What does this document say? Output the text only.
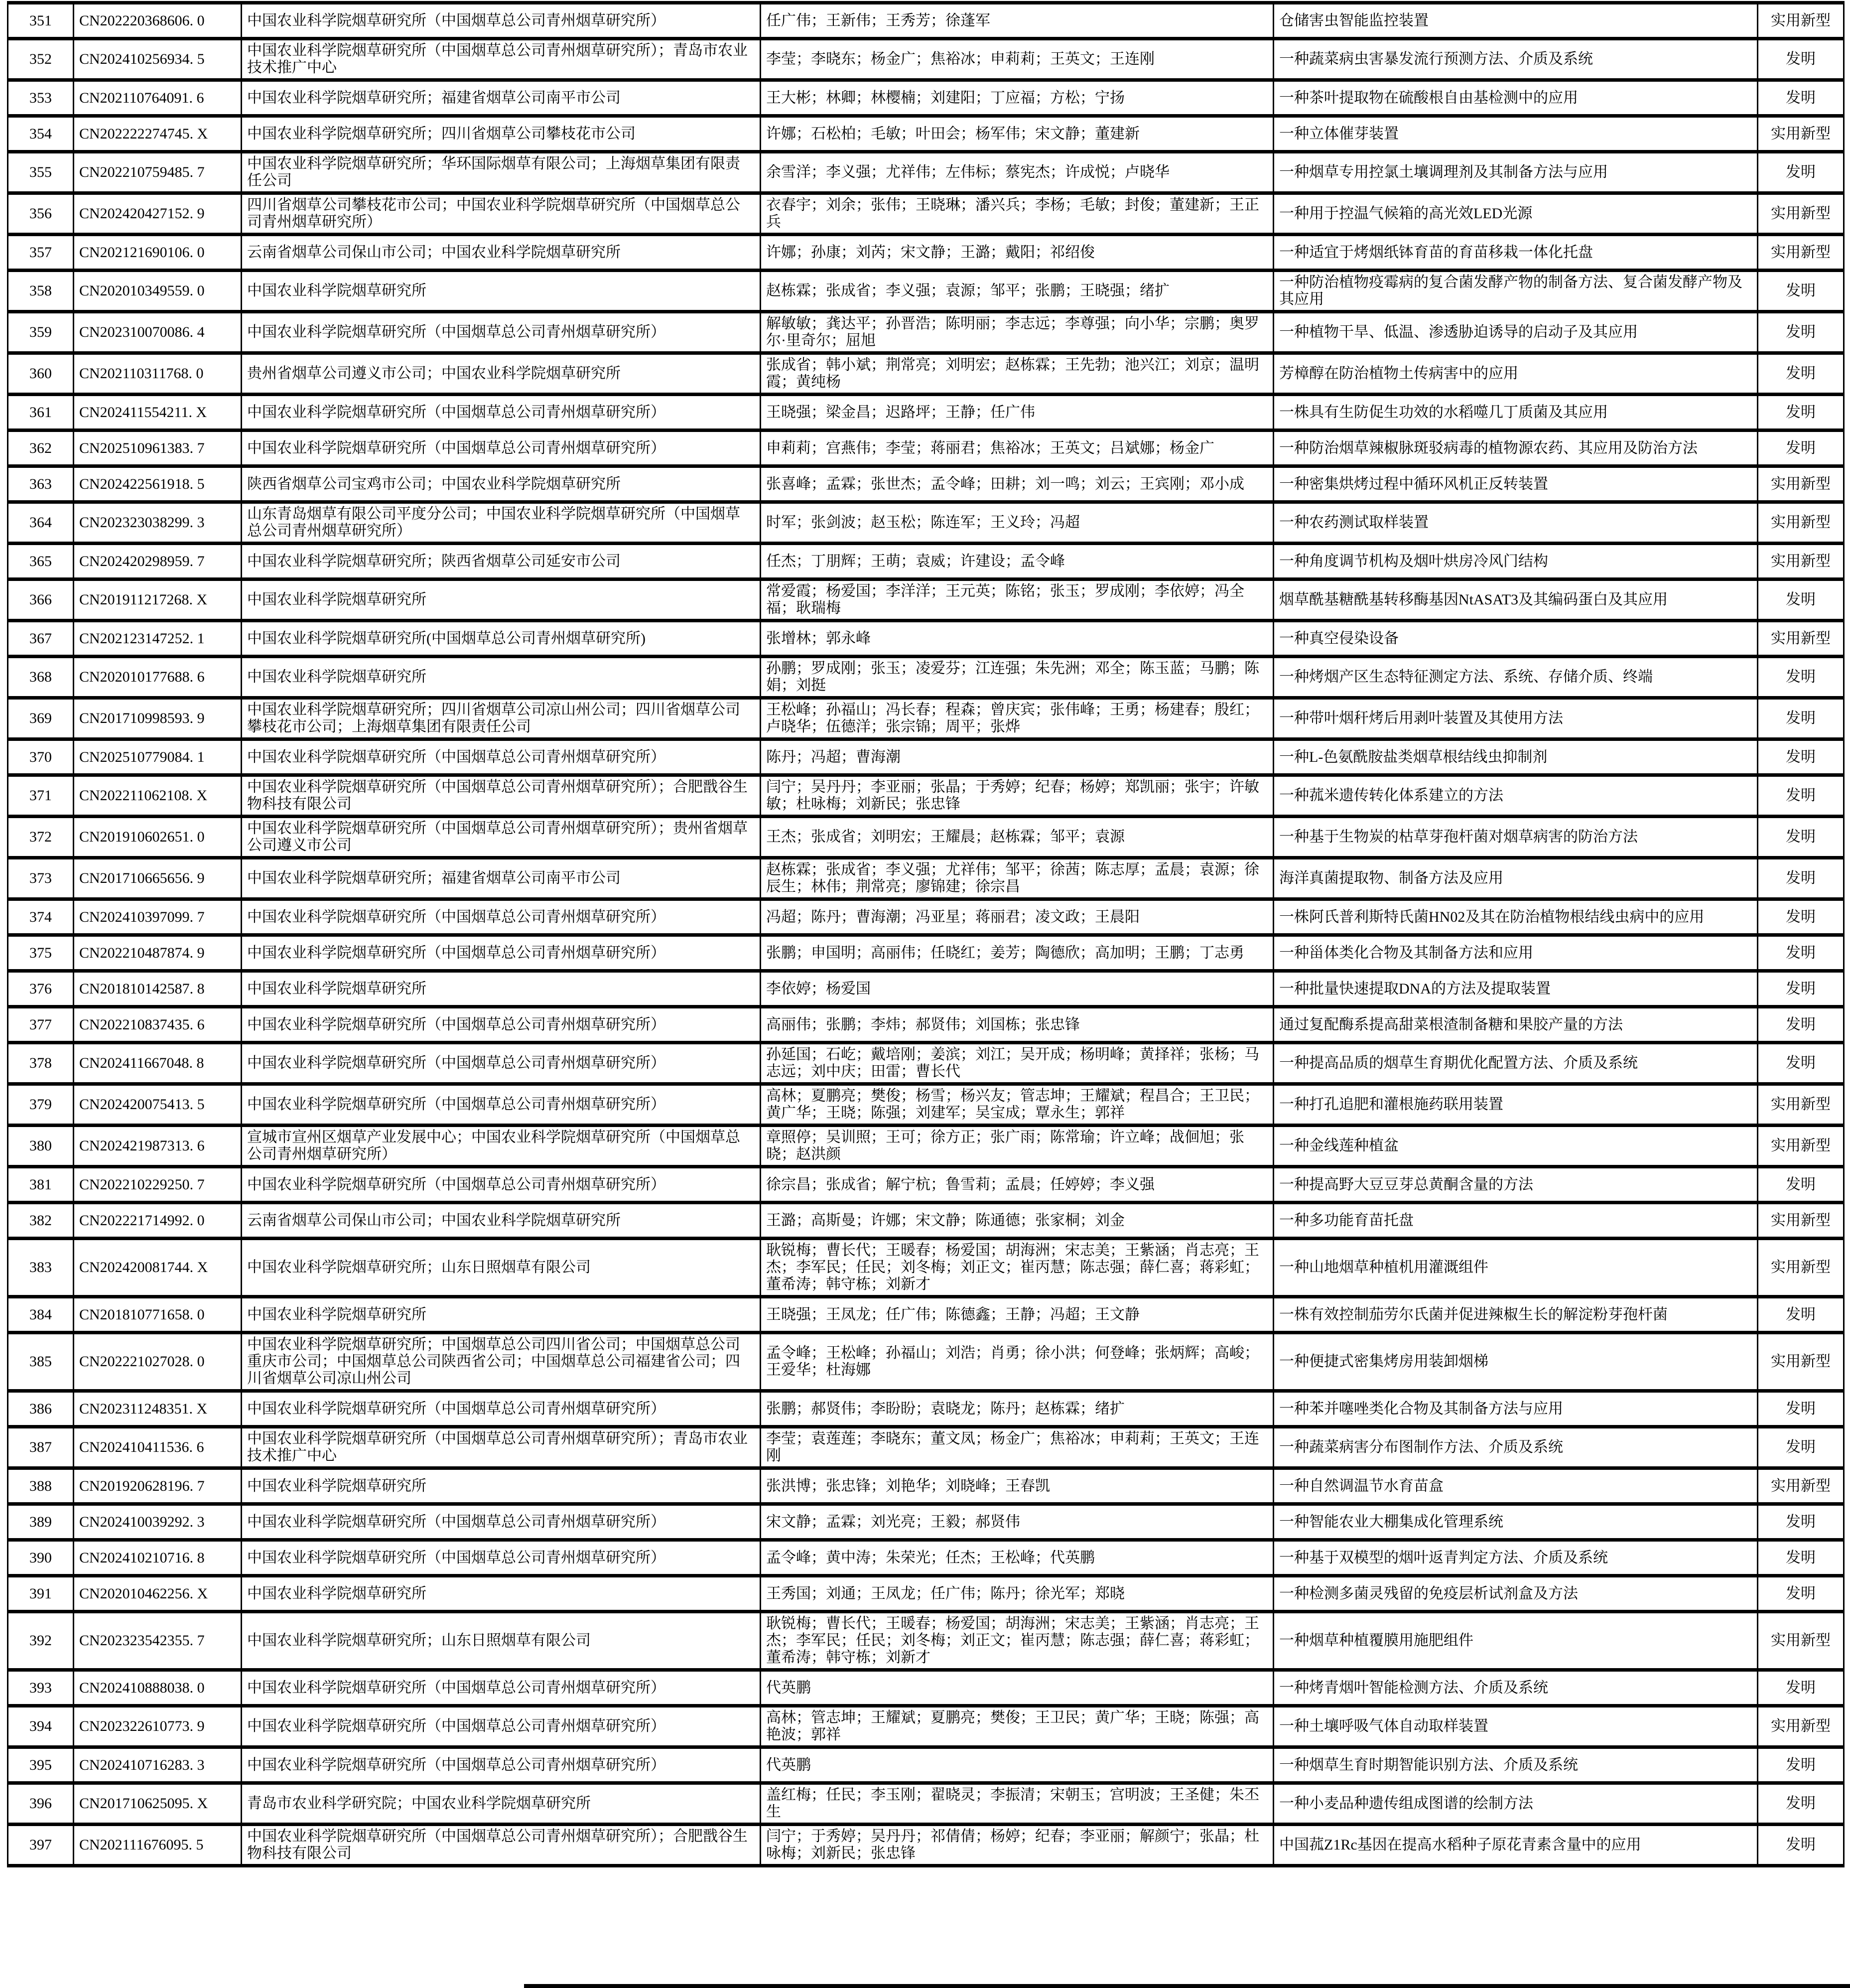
351	CN202220368606. 0	中国农业科学院烟草研究所（中国烟草总公司青州烟草研究所）	任广伟；王新伟；王秀芳；徐蓬军	仓储害虫智能监控装置	实用新型
352	CN202410256934. 5	中国农业科学院烟草研究所（中国烟草总公司青州烟草研究所）；青岛市农业技术推广中心	李莹；李晓东；杨金广；焦裕冰；申莉莉；王英文；王连刚	一种蔬菜病虫害暴发流行预测方法、介质及系统	发明
353	CN202110764091. 6	中国农业科学院烟草研究所；福建省烟草公司南平市公司	王大彬；林卿；林樱楠；刘建阳；丁应福；方松；宁扬	一种茶叶提取物在硫酸根自由基检测中的应用	发明
354	CN202222274745. X	中国农业科学院烟草研究所；四川省烟草公司攀枝花市公司	许娜；石松柏；毛敏；叶田会；杨军伟；宋文静；董建新	一种立体催芽装置	实用新型
355	CN202210759485. 7	中国农业科学院烟草研究所；华环国际烟草有限公司；上海烟草集团有限责任公司	余雪洋；李义强；尤祥伟；左伟标；蔡宪杰；许成悦；卢晓华	一种烟草专用控氯土壤调理剂及其制备方法与应用	发明
356	CN202420427152. 9	四川省烟草公司攀枝花市公司；中国农业科学院烟草研究所（中国烟草总公司青州烟草研究所）	衣春宇；刘余；张伟；王晓琳；潘兴兵；李杨；毛敏；封俊；董建新；王正兵	一种用于控温气候箱的高光效LED光源	实用新型
357	CN202121690106. 0	云南省烟草公司保山市公司；中国农业科学院烟草研究所	许娜；孙康；刘芮；宋文静；王潞；戴阳；祁绍俊	一种适宜于烤烟纸钵育苗的育苗移栽一体化托盘	实用新型
358	CN202010349559. 0	中国农业科学院烟草研究所	赵栋霖；张成省；李义强；袁源；邹平；张鹏；王晓强；绪扩	一种防治植物疫霉病的复合菌发酵产物的制备方法、复合菌发酵产物及其应用	发明
359	CN202310070086. 4	中国农业科学院烟草研究所（中国烟草总公司青州烟草研究所）	解敏敏；龚达平；孙晋浩；陈明丽；李志远；李尊强；向小华；宗鹏；奥罗尔·里奇尔；屈旭	一种植物干旱、低温、渗透胁迫诱导的启动子及其应用	发明
360	CN202110311768. 0	贵州省烟草公司遵义市公司；中国农业科学院烟草研究所	张成省；韩小斌；荆常亮；刘明宏；赵栋霖；王先勃；池兴江；刘京；温明霞；黄纯杨	芳樟醇在防治植物土传病害中的应用	发明
361	CN202411554211. X	中国农业科学院烟草研究所（中国烟草总公司青州烟草研究所）	王晓强；梁金昌；迟路坪；王静；任广伟	一株具有生防促生功效的水稻噬几丁质菌及其应用	发明
362	CN202510961383. 7	中国农业科学院烟草研究所（中国烟草总公司青州烟草研究所）	申莉莉；宫燕伟；李莹；蒋丽君；焦裕冰；王英文；吕斌娜；杨金广	一种防治烟草辣椒脉斑驳病毒的植物源农药、其应用及防治方法	发明
363	CN202422561918. 5	陕西省烟草公司宝鸡市公司；中国农业科学院烟草研究所	张喜峰；孟霖；张世杰；孟令峰；田耕；刘一鸣；刘云；王宾刚；邓小成	一种密集烘烤过程中循环风机正反转装置	实用新型
364	CN202323038299. 3	山东青岛烟草有限公司平度分公司；中国农业科学院烟草研究所（中国烟草总公司青州烟草研究所）	时军；张剑波；赵玉松；陈连军；王义玲；冯超	一种农药测试取样装置	实用新型
365	CN202420298959. 7	中国农业科学院烟草研究所；陕西省烟草公司延安市公司	任杰；丁朋辉；王萌；袁威；许建设；孟令峰	一种角度调节机构及烟叶烘房冷风门结构	实用新型
366	CN201911217268. X	中国农业科学院烟草研究所	常爱霞；杨爱国；李洋洋；王元英；陈铭；张玉；罗成刚；李依婷；冯全福；耿瑞梅	烟草酰基糖酰基转移酶基因NtASAT3及其编码蛋白及其应用	发明
367	CN202123147252. 1	中国农业科学院烟草研究所(中国烟草总公司青州烟草研究所)	张增林；郭永峰	一种真空侵染设备	实用新型
368	CN202010177688. 6	中国农业科学院烟草研究所	孙鹏；罗成刚；张玉；凌爱芬；江连强；朱先洲；邓全；陈玉蓝；马鹏；陈娟；刘挺	一种烤烟产区生态特征测定方法、系统、存储介质、终端	发明
369	CN201710998593. 9	中国农业科学院烟草研究所；四川省烟草公司凉山州公司；四川省烟草公司攀枝花市公司；上海烟草集团有限责任公司	王松峰；孙福山；冯长春；程森；曾庆宾；张伟峰；王勇；杨建春；殷红；卢晓华；伍德洋；张宗锦；周平；张烨	一种带叶烟秆烤后用剥叶装置及其使用方法	发明
370	CN202510779084. 1	中国农业科学院烟草研究所（中国烟草总公司青州烟草研究所）	陈丹；冯超；曹海潮	一种L-色氨酰胺盐类烟草根结线虫抑制剂	发明
371	CN202211062108. X	中国农业科学院烟草研究所（中国烟草总公司青州烟草研究所）；合肥戬谷生物科技有限公司	闫宁；吴丹丹；李亚丽；张晶；于秀婷；纪春；杨婷；郑凯丽；张宇；许敏敏；杜咏梅；刘新民；张忠锋	一种菰米遗传转化体系建立的方法	发明
372	CN201910602651. 0	中国农业科学院烟草研究所（中国烟草总公司青州烟草研究所）；贵州省烟草公司遵义市公司	王杰；张成省；刘明宏；王耀晨；赵栋霖；邹平；袁源	一种基于生物炭的枯草芽孢杆菌对烟草病害的防治方法	发明
373	CN201710665656. 9	中国农业科学院烟草研究所；福建省烟草公司南平市公司	赵栋霖；张成省；李义强；尤祥伟；邹平；徐茜；陈志厚；孟晨；袁源；徐辰生；林伟；荆常亮；廖锦建；徐宗昌	海洋真菌提取物、制备方法及应用	发明
374	CN202410397099. 7	中国农业科学院烟草研究所（中国烟草总公司青州烟草研究所）	冯超；陈丹；曹海潮；冯亚星；蒋丽君；凌文政；王晨阳	一株阿氏普利斯特氏菌HN02及其在防治植物根结线虫病中的应用	发明
375	CN202210487874. 9	中国农业科学院烟草研究所（中国烟草总公司青州烟草研究所）	张鹏；申国明；高丽伟；任晓红；姜芳；陶德欣；高加明；王鹏；丁志勇	一种甾体类化合物及其制备方法和应用	发明
376	CN201810142587. 8	中国农业科学院烟草研究所	李依婷；杨爱国	一种批量快速提取DNA的方法及提取装置	发明
377	CN202210837435. 6	中国农业科学院烟草研究所（中国烟草总公司青州烟草研究所）	高丽伟；张鹏；李炜；郝贤伟；刘国栋；张忠锋	通过复配酶系提高甜菜根渣制备糖和果胶产量的方法	发明
378	CN202411667048. 8	中国农业科学院烟草研究所（中国烟草总公司青州烟草研究所）	孙延国；石屹；戴培刚；姜滨；刘江；吴开成；杨明峰；黄择祥；张杨；马志远；刘中庆；田雷；曹长代	一种提高品质的烟草生育期优化配置方法、介质及系统	发明
379	CN202420075413. 5	中国农业科学院烟草研究所（中国烟草总公司青州烟草研究所）	高林；夏鹏亮；樊俊；杨雪；杨兴友；管志坤；王耀斌；程昌合；王卫民；黄广华；王晓；陈强；刘建军；吴宝成；覃永生；郭祥	一种打孔追肥和灌根施药联用装置	实用新型
380	CN202421987313. 6	宣城市宣州区烟草产业发展中心；中国农业科学院烟草研究所（中国烟草总公司青州烟草研究所）	章照停；吴训照；王可；徐方正；张广雨；陈常瑜；许立峰；战佪旭；张晓；赵洪颜	一种金线莲种植盆	实用新型
381	CN202210229250. 7	中国农业科学院烟草研究所（中国烟草总公司青州烟草研究所）	徐宗昌；张成省；解宁杭；鲁雪莉；孟晨；任婷婷；李义强	一种提高野大豆豆芽总黄酮含量的方法	发明
382	CN202221714992. 0	云南省烟草公司保山市公司；中国农业科学院烟草研究所	王潞；高斯曼；许娜；宋文静；陈通德；张家桐；刘金	一种多功能育苗托盘	实用新型
383	CN202420081744. X	中国农业科学院烟草研究所；山东日照烟草有限公司	耿锐梅；曹长代；王暖春；杨爱国；胡海洲；宋志美；王紫涵；肖志亮；王杰；李军民；任民；刘冬梅；刘正文；崔丙慧；陈志强；薛仁喜；蒋彩虹；董希涛；韩守栋；刘新才	一种山地烟草种植机用灌溉组件	实用新型
384	CN201810771658. 0	中国农业科学院烟草研究所	王晓强；王凤龙；任广伟；陈德鑫；王静；冯超；王文静	一株有效控制茄劳尔氏菌并促进辣椒生长的解淀粉芽孢杆菌	发明
385	CN202221027028. 0	中国农业科学院烟草研究所；中国烟草总公司四川省公司；中国烟草总公司重庆市公司；中国烟草总公司陕西省公司；中国烟草总公司福建省公司；四川省烟草公司凉山州公司	孟令峰；王松峰；孙福山；刘浩；肖勇；徐小洪；何登峰；张炳辉；高峻；王爱华；杜海娜	一种便捷式密集烤房用装卸烟梯	实用新型
386	CN202311248351. X	中国农业科学院烟草研究所（中国烟草总公司青州烟草研究所）	张鹏；郝贤伟；李盼盼；袁晓龙；陈丹；赵栋霖；绪扩	一种苯并噻唑类化合物及其制备方法与应用	发明
387	CN202410411536. 6	中国农业科学院烟草研究所（中国烟草总公司青州烟草研究所）；青岛市农业技术推广中心	李莹；袁莲莲；李晓东；董文凤；杨金广；焦裕冰；申莉莉；王英文；王连刚	一种蔬菜病害分布图制作方法、介质及系统	发明
388	CN201920628196. 7	中国农业科学院烟草研究所	张洪博；张忠锋；刘艳华；刘晓峰；王春凯	一种自然调温节水育苗盒	实用新型
389	CN202410039292. 3	中国农业科学院烟草研究所（中国烟草总公司青州烟草研究所）	宋文静；孟霖；刘光亮；王毅；郝贤伟	一种智能农业大棚集成化管理系统	发明
390	CN202410210716. 8	中国农业科学院烟草研究所（中国烟草总公司青州烟草研究所）	孟令峰；黄中涛；朱荣光；任杰；王松峰；代英鹏	一种基于双模型的烟叶返青判定方法、介质及系统	发明
391	CN202010462256. X	中国农业科学院烟草研究所	王秀国；刘通；王凤龙；任广伟；陈丹；徐光军；郑晓	一种检测多菌灵残留的免疫层析试剂盒及方法	发明
392	CN202323542355. 7	中国农业科学院烟草研究所；山东日照烟草有限公司	耿锐梅；曹长代；王暖春；杨爱国；胡海洲；宋志美；王紫涵；肖志亮；王杰；李军民；任民；刘冬梅；刘正文；崔丙慧；陈志强；薛仁喜；蒋彩虹；董希涛；韩守栋；刘新才	一种烟草种植覆膜用施肥组件	实用新型
393	CN202410888038. 0	中国农业科学院烟草研究所（中国烟草总公司青州烟草研究所）	代英鹏	一种烤青烟叶智能检测方法、介质及系统	发明
394	CN202322610773. 9	中国农业科学院烟草研究所（中国烟草总公司青州烟草研究所）	高林；管志坤；王耀斌；夏鹏亮；樊俊；王卫民；黄广华；王晓；陈强；高艳波；郭祥	一种土壤呼吸气体自动取样装置	实用新型
395	CN202410716283. 3	中国农业科学院烟草研究所（中国烟草总公司青州烟草研究所）	代英鹏	一种烟草生育时期智能识别方法、介质及系统	发明
396	CN201710625095. X	青岛市农业科学研究院；中国农业科学院烟草研究所	盖红梅；任民；李玉刚；翟晓灵；李振清；宋朝玉；宫明波；王圣健；朱丕生	一种小麦品种遗传组成图谱的绘制方法	发明
397	CN202111676095. 5	中国农业科学院烟草研究所（中国烟草总公司青州烟草研究所）；合肥戬谷生物科技有限公司	闫宁；于秀婷；吴丹丹；祁倩倩；杨婷；纪春；李亚丽；解颜宁；张晶；杜咏梅；刘新民；张忠锋	中国菰Z1Rc基因在提高水稻种子原花青素含量中的应用	发明
